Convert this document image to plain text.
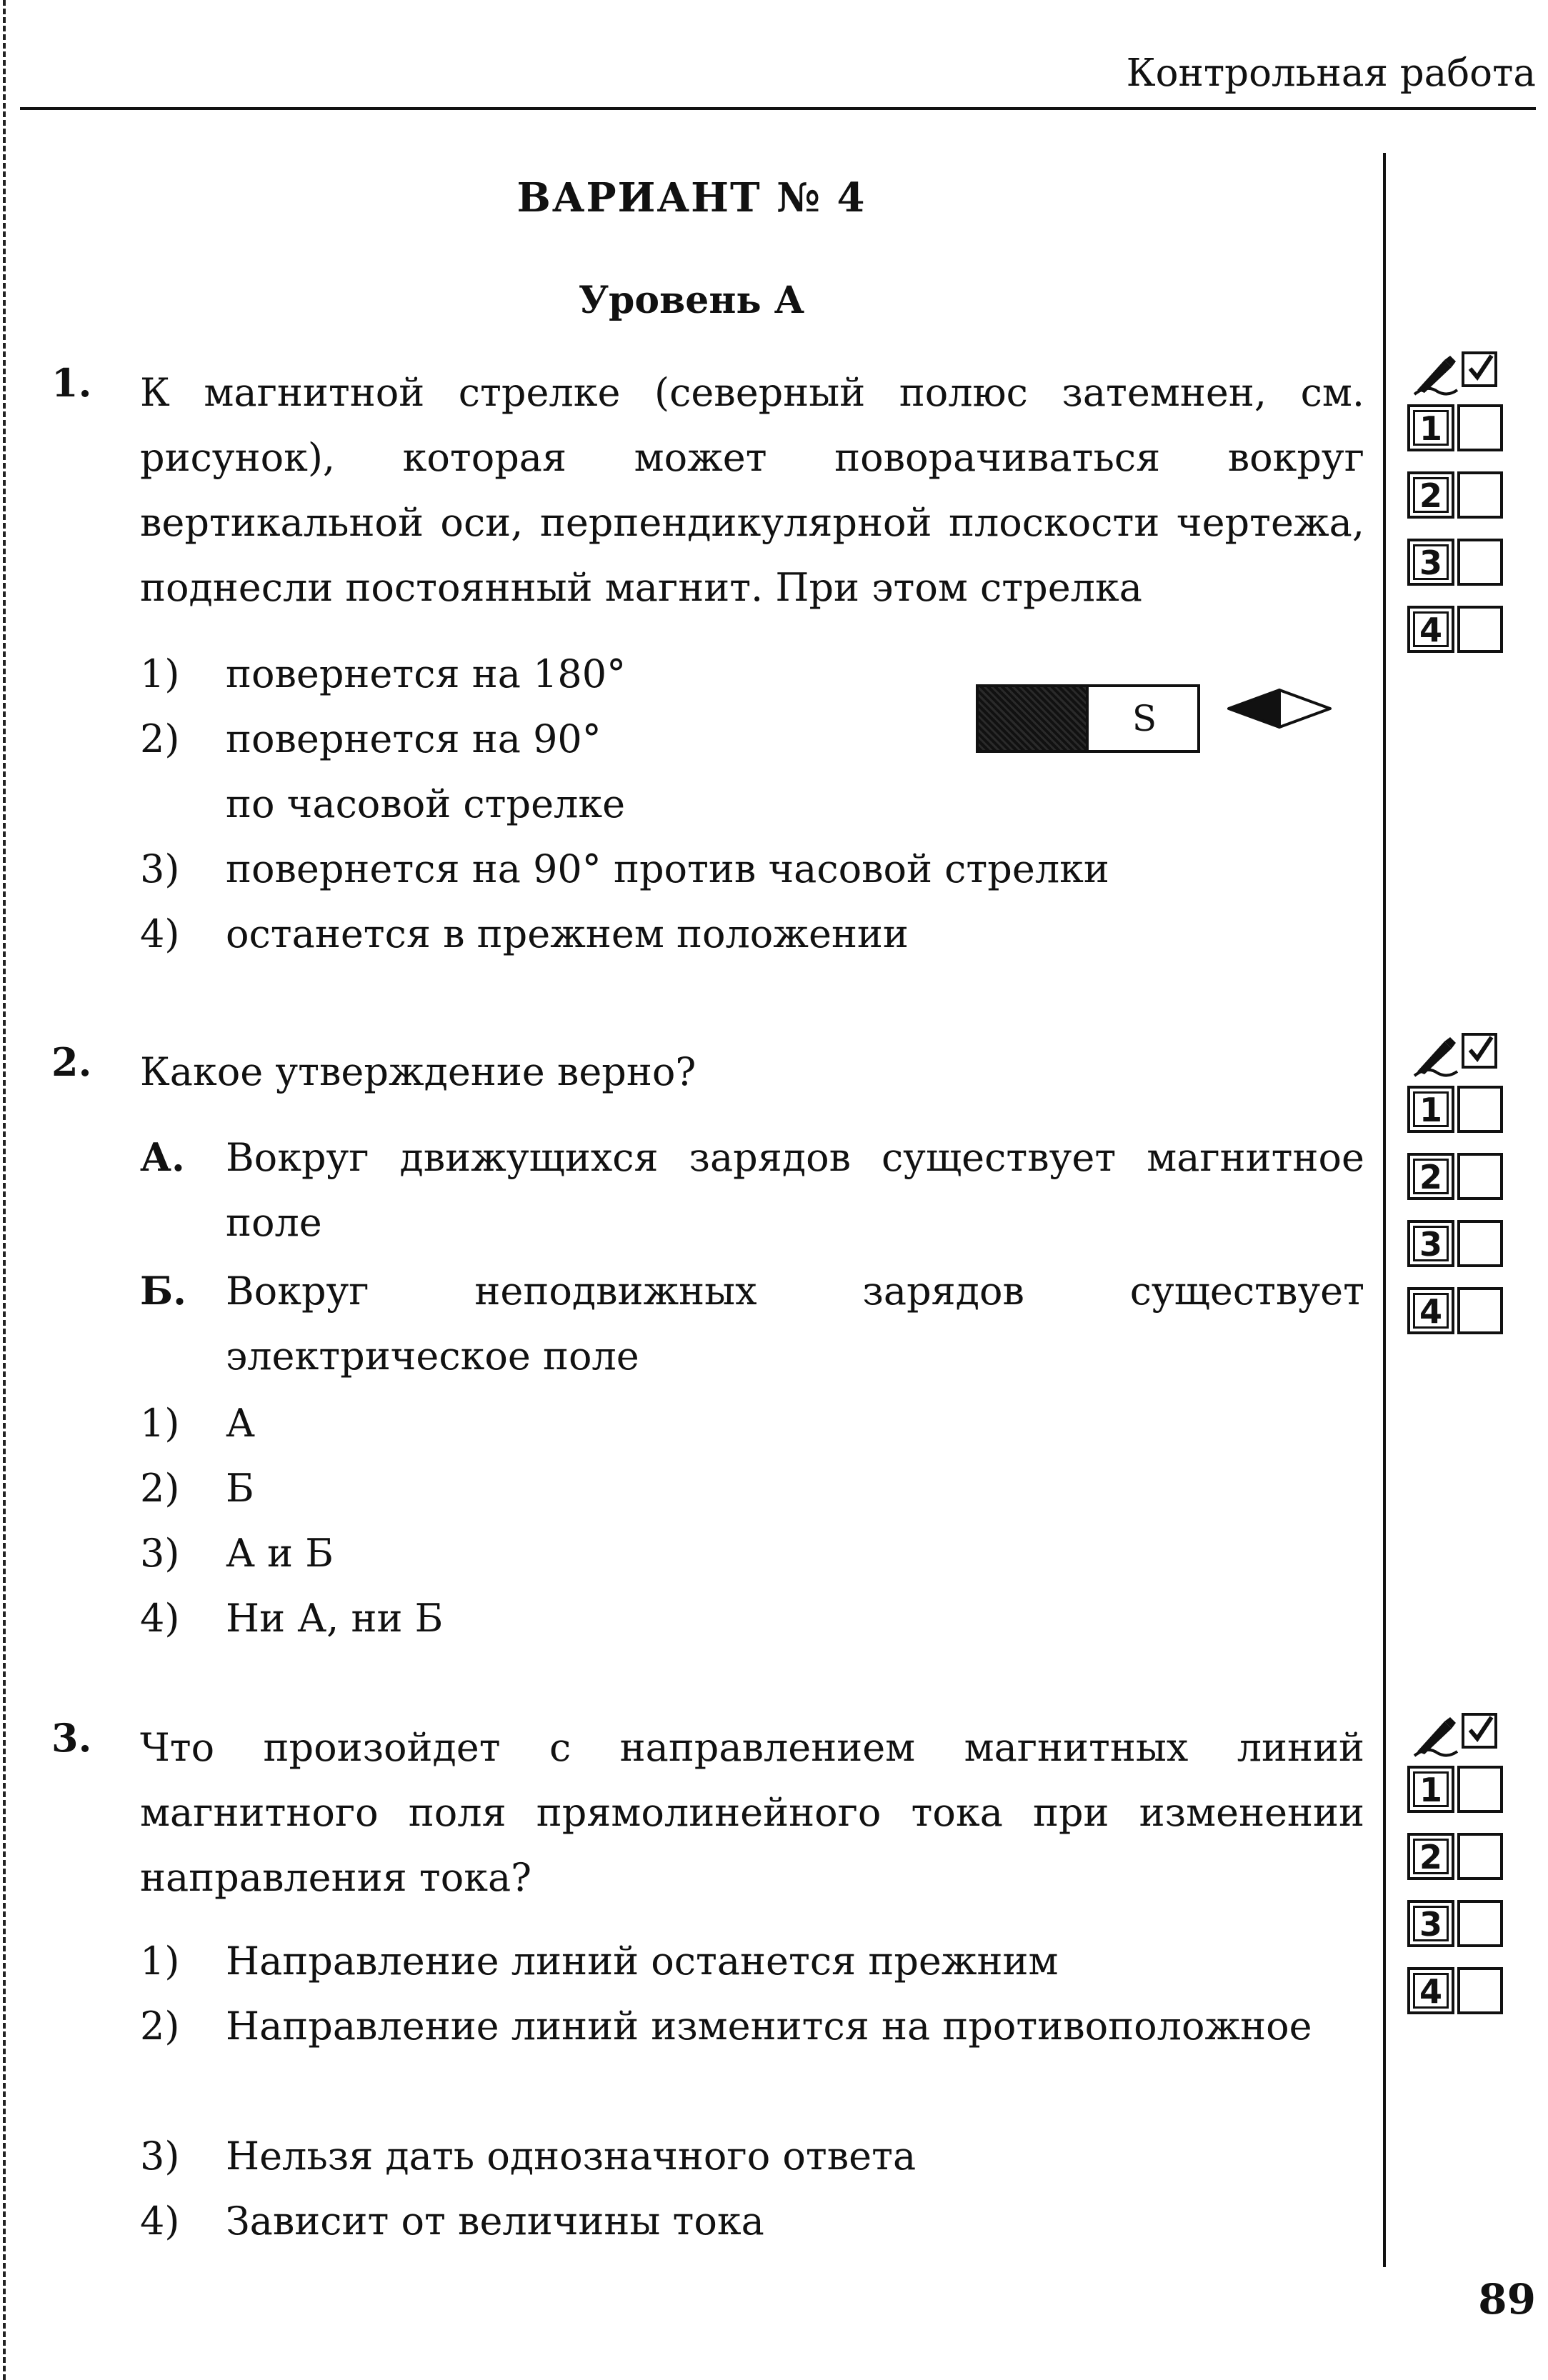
Контрольная работа
ВАРИАНТ № 4
Уровень А
1. К магнитной стрелке (северный полюс затемнен, см. рисунок), которая может поворачиваться вокруг вертикальной оси, перпендикулярной плоскости чертежа, поднесли постоянный магнит. При этом стрелка
1) повернется на 180°
2) повернется на 90°
по часовой стрелке
3) повернется на 90° против часовой стрелки
4) останется в прежнем положении
S
2. Какое утверждение верно?
А.	Вокруг движущихся зарядов существует магнитное поле
Б.	Вокруг неподвижных зарядов существует электрическое поле
1) А
2) Б
3) А и Б
4) Ни А, ни Б
3. Что произойдет с направлением магнитных линий магнитного поля прямолинейного тока при изменении направления тока?
1) Направление линий останется прежним
2)	Направление линий изменится на противоположное
3) Нельзя дать однозначного ответа
4) Зависит от величины тока
1
2
3
4
1
2
3
4
1
2
3
4
89
